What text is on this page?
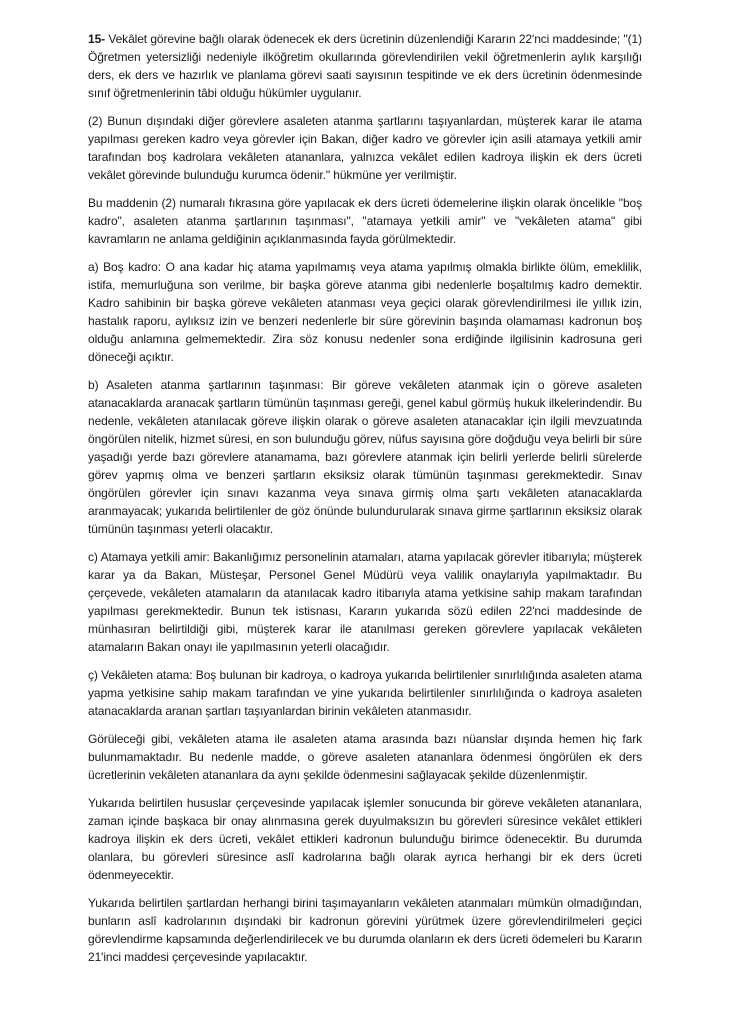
15- Vekâlet görevine bağlı olarak ödenecek ek ders ücretinin düzenlendiği Kararın 22'nci maddesinde; "(1) Öğretmen yetersizliği nedeniyle ilköğretim okullarında görevlendirilen vekil öğretmenlerin aylık karşılığı ders, ek ders ve hazırlık ve planlama görevi saati sayısının tespitinde ve ek ders ücretinin ödenmesinde sınıf öğretmenlerinin tâbi olduğu hükümler uygulanır.

(2) Bunun dışındaki diğer görevlere asaleten atanma şartlarını taşıyanlardan, müşterek karar ile atama yapılması gereken kadro veya görevler için Bakan, diğer kadro ve görevler için asili atamaya yetkili amir tarafından boş kadrolara vekâleten atananlara, yalnızca vekâlet edilen kadroya ilişkin ek ders ücreti vekâlet görevinde bulunduğu kurumca ödenir." hükmüne yer verilmiştir.

Bu maddenin (2) numaralı fıkrasına göre yapılacak ek ders ücreti ödemelerine ilişkin olarak öncelikle "boş kadro", asaleten atanma şartlarının taşınması", "atamaya yetkili amir" ve "vekâleten atama" gibi kavramların ne anlama geldiğinin açıklanmasında fayda görülmektedir.

a) Boş kadro: O ana kadar hiç atama yapılmamış veya atama yapılmış olmakla birlikte ölüm, emeklilik, istifa, memurluğuna son verilme, bir başka göreve atanma gibi nedenlerle boşaltılmış kadro demektir. Kadro sahibinin bir başka göreve vekâleten atanması veya geçici olarak görevlendirilmesi ile yıllık izin, hastalık raporu, aylıksız izin ve benzeri nedenlerle bir süre görevinin başında olamaması kadronun boş olduğu anlamına gelmemektedir. Zira söz konusu nedenler sona erdiğinde ilgilisinin kadrosuna geri döneceği açıktır.

b) Asaleten atanma şartlarının taşınması: Bir göreve vekâleten atanmak için o göreve asaleten atanacaklarda aranacak şartların tümünün taşınması gereği, genel kabul görmüş hukuk ilkelerindendir. Bu nedenle, vekâleten atanılacak göreve ilişkin olarak o göreve asaleten atanacaklar için ilgili mevzuatında öngörülen nitelik, hizmet süresi, en son bulunduğu görev, nüfus sayısına göre doğduğu veya belirli bir süre yaşadığı yerde bazı görevlere atanamama, bazı görevlere atanmak için belirli yerlerde belirli sürelerde görev yapmış olma ve benzeri şartların eksiksiz olarak tümünün taşınması gerekmektedir. Sınav öngörülen görevler için sınavı kazanma veya sınava girmiş olma şartı vekâleten atanacaklarda aranmayacak; yukarıda belirtilenler de göz önünde bulundurularak sınava girme şartlarının eksiksiz olarak tümünün taşınması yeterli olacaktır.

c) Atamaya yetkili amir: Bakanlığımız personelinin atamaları, atama yapılacak görevler itibarıyla; müşterek karar ya da Bakan, Müsteşar, Personel Genel Müdürü veya valilik onaylarıyla yapılmaktadır. Bu çerçevede, vekâleten atamaların da atanılacak kadro itibarıyla atama yetkisine sahip makam tarafından yapılması gerekmektedir. Bunun tek istisnası, Kararın yukarıda sözü edilen 22'nci maddesinde de münhasıran belirtildiği gibi, müşterek karar ile atanılması gereken görevlere yapılacak vekâleten atamaların Bakan onayı ile yapılmasının yeterli olacağıdır.

ç) Vekâleten atama: Boş bulunan bir kadroya, o kadroya yukarıda belirtilenler sınırlılığında asaleten atama yapma yetkisine sahip makam tarafından ve yine yukarıda belirtilenler sınırlılığında o kadroya asaleten atanacaklarda aranan şartları taşıyanlardan birinin vekâleten atanmasıdır.

Görüleceği gibi, vekâleten atama ile asaleten atama arasında bazı nüanslar dışında hemen hiç fark bulunmamaktadır. Bu nedenle madde, o göreve asaleten atananlara ödenmesi öngörülen ek ders ücretlerinin vekâleten atananlara da aynı şekilde ödenmesini sağlayacak şekilde düzenlenmiştir.

Yukarıda belirtilen hususlar çerçevesinde yapılacak işlemler sonucunda bir göreve vekâleten atananlara, zaman içinde başkaca bir onay alınmasına gerek duyulmaksızın bu görevleri süresince vekâlet ettikleri kadroya ilişkin ek ders ücreti, vekâlet ettikleri kadronun bulunduğu birimce ödenecektir. Bu durumda olanlara, bu görevleri süresince aslî kadrolarına bağlı olarak ayrıca herhangi bir ek ders ücreti ödenmeyecektir.

Yukarıda belirtilen şartlardan herhangi birini taşımayanların vekâleten atanmaları mümkün olmadığından, bunların aslî kadrolarının dışındaki bir kadronun görevini yürütmek üzere görevlendirilmeleri geçici görevlendirme kapsamında değerlendirilecek ve bu durumda olanların ek ders ücreti ödemeleri bu Kararın 21'inci maddesi çerçevesinde yapılacaktır.
